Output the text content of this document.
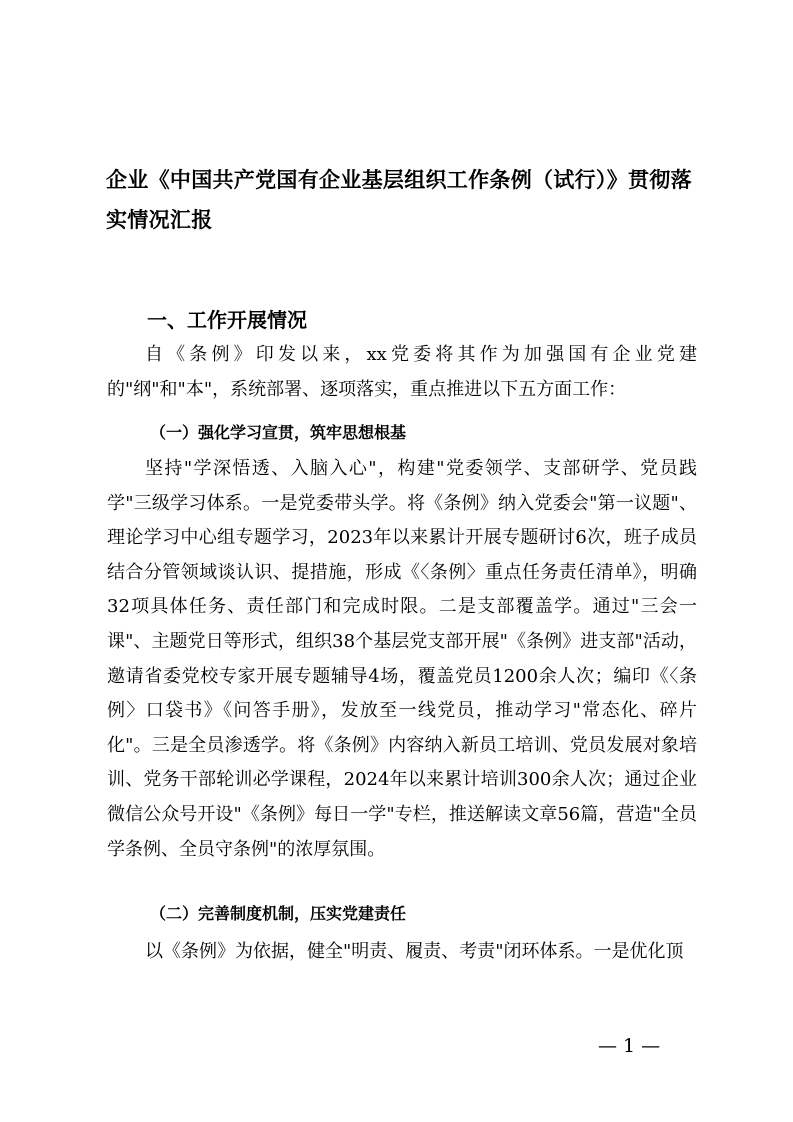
企业《中国共产党国有企业基层组织工作条例（试行）》贯彻落实情况汇报
一、工作开展情况

自《条例》印发以来，xx党委将其作为加强国有企业党建的"纲"和"本"，系统部署、逐项落实，重点推进以下五方面工作：

（一）强化学习宣贯，筑牢思想根基

坚持"学深悟透、入脑入心"，构建"党委领学、支部研学、党员践学"三级学习体系。一是党委带头学。将《条例》纳入党委会"第一议题"、理论学习中心组专题学习，2023年以来累计开展专题研讨6次，班子成员结合分管领域谈认识、提措施，形成《〈条例〉重点任务责任清单》，明确32项具体任务、责任部门和完成时限。二是支部覆盖学。通过"三会一课"、主题党日等形式，组织38个基层党支部开展"《条例》进支部"活动，邀请省委党校专家开展专题辅导4场，覆盖党员1200余人次；编印《〈条例〉口袋书》《问答手册》，发放至一线党员，推动学习"常态化、碎片化"。三是全员渗透学。将《条例》内容纳入新员工培训、党员发展对象培训、党务干部轮训必学课程，2024年以来累计培训300余人次；通过企业微信公众号开设"《条例》每日一学"专栏，推送解读文章56篇，营造"全员学条例、全员守条例"的浓厚氛围。

（二）完善制度机制，压实党建责任

以《条例》为依据，健全"明责、履责、考责"闭环体系。一是优化顶

— 1 —
